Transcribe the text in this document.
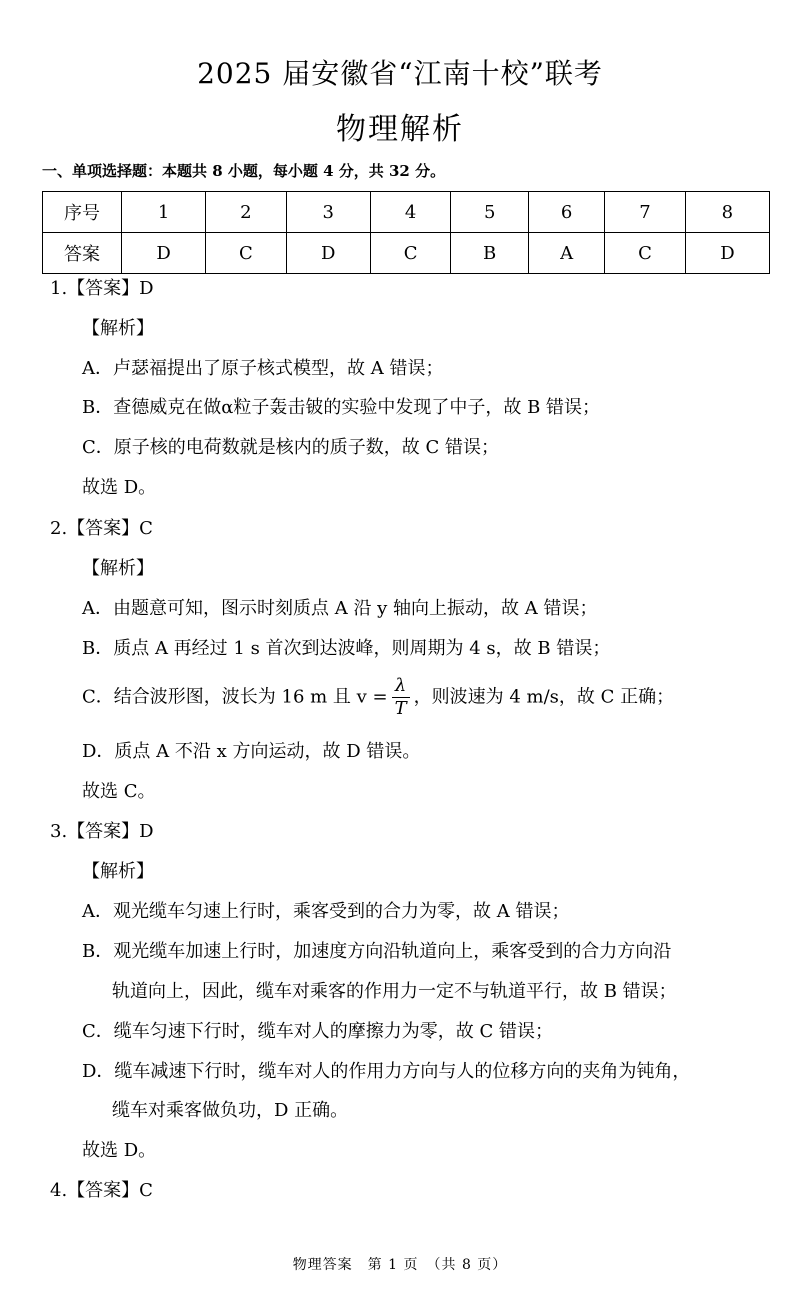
2025 届安徽省“江南十校”联考
物理解析
一、单项选择题：本题共 8 小题，每小题 4 分，共 32 分。
序号	1	2	3	4	5	6	7	8
答案	D	C	D	C	B	A	C	D
1.【答案】D
【解析】
A．卢瑟福提出了原子核式模型，故 A 错误；
B．查德威克在做α粒子轰击铍的实验中发现了中子，故 B 错误；
C．原子核的电荷数就是核内的质子数，故 C 错误；
故选 D。
2.【答案】C
【解析】
A．由题意可知，图示时刻质点 A 沿 y 轴向上振动，故 A 错误；
B．质点 A 再经过 1 s 首次到达波峰，则周期为 4 s，故 B 错误；
C．结合波形图，波长为 16 m 且 $v = \frac{\lambda}{T}$ ，则波速为 4 m/s，故 C 正确；
D．质点 A 不沿 x 方向运动，故 D 错误。
故选 C。
3.【答案】D
【解析】
A．观光缆车匀速上行时，乘客受到的合力为零，故 A 错误；
B．观光缆车加速上行时，加速度方向沿轨道向上，乘客受到的合力方向沿
轨道向上，因此，缆车对乘客的作用力一定不与轨道平行，故 B 错误；
C．缆车匀速下行时，缆车对人的摩擦力为零，故 C 错误；
D．缆车减速下行时，缆车对人的作用力方向与人的位移方向的夹角为钝角，
缆车对乘客做负功，D 正确。
故选 D。
4.【答案】C
物理答案　第 1 页　（共 8 页）
